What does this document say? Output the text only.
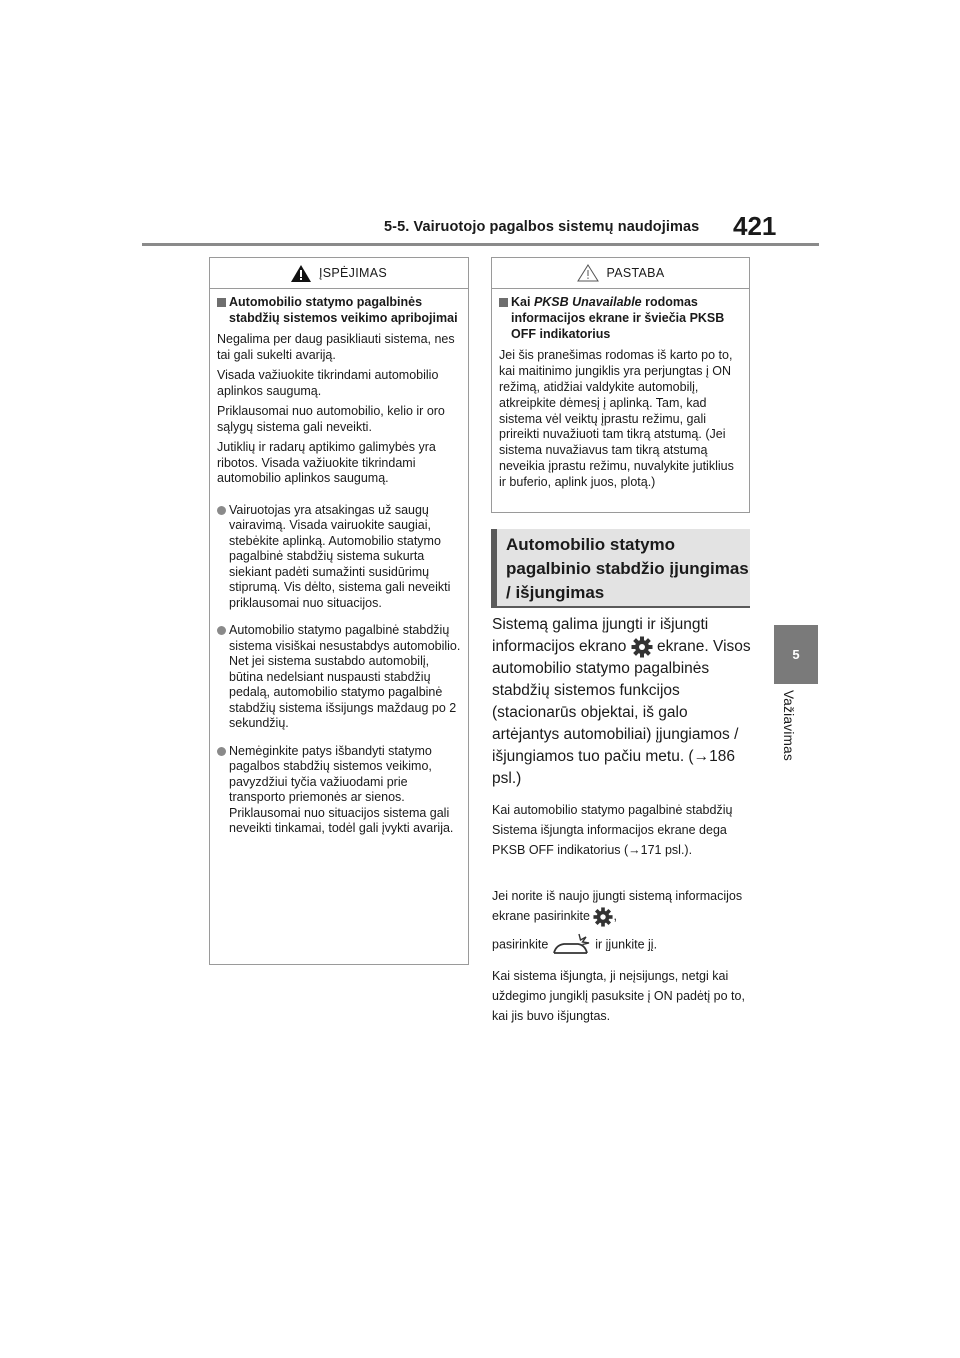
5-5. Vairuotojo pagalbos sistemų naudojimas 421
5
Važiavimas
ĮSPĖJIMAS
Automobilio statymo pagalbinės stabdžių sistemos veikimo apribojimai

Negalima per daug pasikliauti sistema, nes tai gali sukelti avariją.

Visada važiuokite tikrindami automobilio aplinkos saugumą.

Priklausomai nuo automobilio, kelio ir oro sąlygų sistema gali neveikti.

Jutiklių ir radarų aptikimo galimybės yra ribotos. Visada važiuokite tikrindami automobilio aplinkos saugumą.

Vairuotojas yra atsakingas už saugų vairavimą. Visada vairuokite saugiai, stebėkite aplinką. Automobilio statymo pagalbinė stabdžių sistema sukurta siekiant padėti sumažinti susidūrimų stiprumą. Vis dėlto, sistema gali neveikti priklausomai nuo situacijos.
Automobilio statymo pagalbinė stabdžių sistema visiškai nesustabdys automobilio. Net jei sistema sustabdo automobilį, būtina nedelsiant nuspausti stabdžių pedalą, automobilio statymo pagalbinė stabdžių sistema išsijungs maždaug po 2 sekundžių.
Nemėginkite patys išbandyti statymo pagalbos stabdžių sistemos veikimo, pavyzdžiui tyčia važiuodami prie transporto priemonės ar sienos. Priklausomai nuo situacijos sistema gali neveikti tinkamai, todėl gali įvykti avarija.
PASTABA
Kai PKSB Unavailable rodomas informacijos ekrane ir šviečia PKSB OFF indikatorius

Jei šis pranešimas rodomas iš karto po to, kai maitinimo jungiklis yra perjungtas į ON režimą, atidžiai valdykite automobilį, atkreipkite dėmesį į aplinką. Tam, kad sistema vėl veiktų įprastu režimu, gali prireikti nuvažiuoti tam tikrą atstumą. (Jei sistema nuvažiavus tam tikrą atstumą neveikia įprastu režimu, nuvalykite jutiklius ir buferio, aplink juos, plotą.)

Automobilio statymo pagalbinio stabdžio įjungimas / išjungimas

Sistemą galima įjungti ir išjungti informacijos ekrano  ekrane. Visos automobilio statymo pagalbinės stabdžių sistemos funkcijos (stacionarūs objektai, iš galo artėjantys automobiliai) įjungiamos / išjungiamos tuo pačiu metu. (→186 psl.)

Kai automobilio statymo pagalbinė stabdžių Sistema išjungta informacijos ekrane dega PKSB OFF indikatorius (→171 psl.).

Jei norite iš naujo įjungti sistemą informacijos ekrane pasirinkite ,

pasirinkite	ir įjunkite jį.

Kai sistema išjungta, ji neįsijungs, netgi kai uždegimo jungiklį pasuksite į ON padėtį po to, kai jis buvo išjungtas.
